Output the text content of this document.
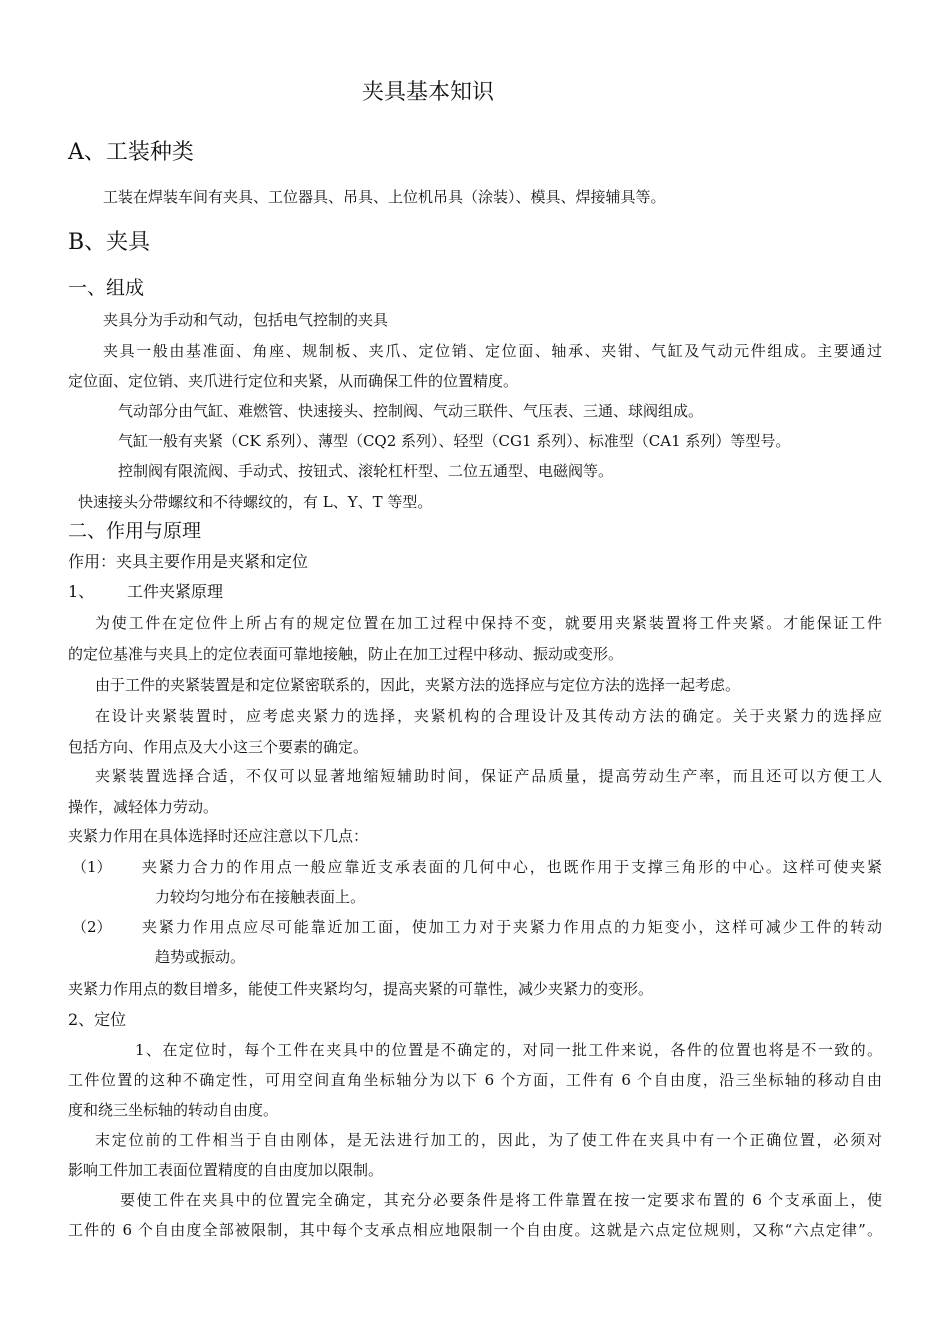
夹具基本知识
A、工装种类
工装在焊装车间有夹具、工位器具、吊具、上位机吊具（涂装）、模具、焊接辅具等。
B、夹具
一、组成
夹具分为手动和气动，包括电气控制的夹具
夹具一般由基准面、角座、规制板、夹爪、定位销、定位面、轴承、夹钳、气缸及气动元件组成。主要通过
定位面、定位销、夹爪进行定位和夹紧，从而确保工件的位置精度。
气动部分由气缸、难燃管、快速接头、控制阀、气动三联件、气压表、三通、球阀组成。
气缸一般有夹紧（CK 系列）、薄型（CQ2 系列）、轻型（CG1 系列）、标准型（CA1 系列）等型号。
控制阀有限流阀、手动式、按钮式、滚轮杠杆型、二位五通型、电磁阀等。
快速接头分带螺纹和不待螺纹的，有 L、Y、T 等型。
二、作用与原理
作用：夹具主要作用是夹紧和定位
1、 工件夹紧原理
为使工件在定位件上所占有的规定位置在加工过程中保持不变，就要用夹紧装置将工件夹紧。才能保证工件
的定位基准与夹具上的定位表面可靠地接触，防止在加工过程中移动、振动或变形。
由于工件的夹紧装置是和定位紧密联系的，因此，夹紧方法的选择应与定位方法的选择一起考虑。
在设计夹紧装置时，应考虑夹紧力的选择，夹紧机构的合理设计及其传动方法的确定。关于夹紧力的选择应
包括方向、作用点及大小这三个要素的确定。
夹紧装置选择合适，不仅可以显著地缩短辅助时间，保证产品质量，提高劳动生产率，而且还可以方便工人
操作，减轻体力劳动。
夹紧力作用在具体选择时还应注意以下几点：
（1） 夹紧力合力的作用点一般应靠近支承表面的几何中心，也既作用于支撑三角形的中心。这样可使夹紧
力较均匀地分布在接触表面上。
（2） 夹紧力作用点应尽可能靠近加工面，使加工力对于夹紧力作用点的力矩变小，这样可减少工件的转动
趋势或振动。
夹紧力作用点的数目增多，能使工件夹紧均匀，提高夹紧的可靠性，减少夹紧力的变形。
2、定位
1、在定位时，每个工件在夹具中的位置是不确定的，对同一批工件来说，各件的位置也将是不一致的。
工件位置的这种不确定性，可用空间直角坐标轴分为以下 6 个方面，工件有 6 个自由度，沿三坐标轴的移动自由
度和绕三坐标轴的转动自由度。
末定位前的工件相当于自由刚体，是无法进行加工的，因此，为了使工件在夹具中有一个正确位置，必须对
影响工件加工表面位置精度的自由度加以限制。
要使工件在夹具中的位置完全确定，其充分必要条件是将工件靠置在按一定要求布置的 6 个支承面上，使
工件的 6 个自由度全部被限制，其中每个支承点相应地限制一个自由度。这就是六点定位规则，又称“六点定律”。
